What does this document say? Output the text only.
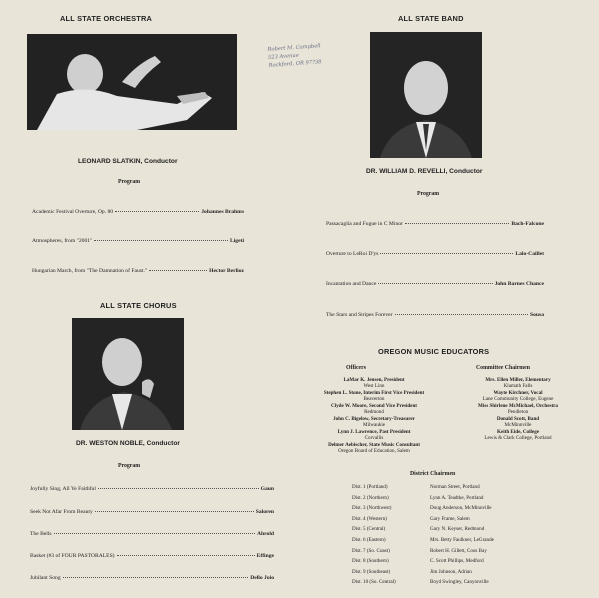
ALL STATE ORCHESTRA
LEONARD SLATKIN, Conductor
Program
Academic Festival Overture, Op. 80	Johannes Brahms
Atmospheres, from "2001"	Ligeti
Hungarian March, from "The Damnation of Faust."	Hector Berlioz
Robert M. Campbell
523 Avenue
Rockford, OR 97?38
ALL STATE BAND
DR. WILLIAM D. REVELLI, Conductor
Program
Passacaglia and Fugue in C Minor	Bach-Falcone
Overture to LeRoi D'ys	Lalo-Caillet
Incantation and Dance	John Barnes Chance
The Stars and Stripes Forever	Sousa
ALL STATE CHORUS
DR. WESTON NOBLE, Conductor
Program
Joyfully Sing, All Ye Faithful	Gaun
Seek Not Afar From Beauty	Saloren
The Bells	Ahrold
Basket (#3 of FOUR PASTORALES)	Effinge
Jubilant Song	Dello Joio
OREGON MUSIC EDUCATORS
Officers	Committee Chairmen
LaMar K. Jensen, President
West Linn
Stephen L. Stone, Interim First Vice President
Beaverton
Clyde W. Moore, Second Vice President
Redmond
John C. Bigelow, Secretary-Treasurer
Milwaukie
Lynn J. Lawrence, Past President
Corvallis
Delmer Aebischer, State Music Consultant
Oregon Board of Education, Salem
Mrs. Ellen Miller, Elementary
Klamath Falls
Wayte Kirchner, Vocal
Lane Community College, Eugene
Miss Shirlene McMichael, Orchestra
Pendleton
Donald Scott, Band
McMinnville
Keith Eide, College
Lewis & Clark College, Portland
District Chairmen
Dist. 1 (Portland)	Norman Street, Portland
Dist. 2 (Northern)	Lynn A. Teadtke, Portland
Dist. 3 (Northwest)	Doug Anderson, McMinnville
Dist. 4 (Western)	Gary Frame, Salem
Dist. 5 (Central)	Gary N. Keyser, Redmond
Dist. 6 (Eastern)	Mrs. Betty Faulkner, LeGrande
Dist. 7 (So. Coast)	Robert H. Gillett, Coos Bay
Dist. 8 (Southern)	C. Scott Phillips, Medford
Dist. 9 (Southeast)	Jim Johnson, Adrian
Dist. 10 (So. Central)	Boyd Swingley, Canyonville
